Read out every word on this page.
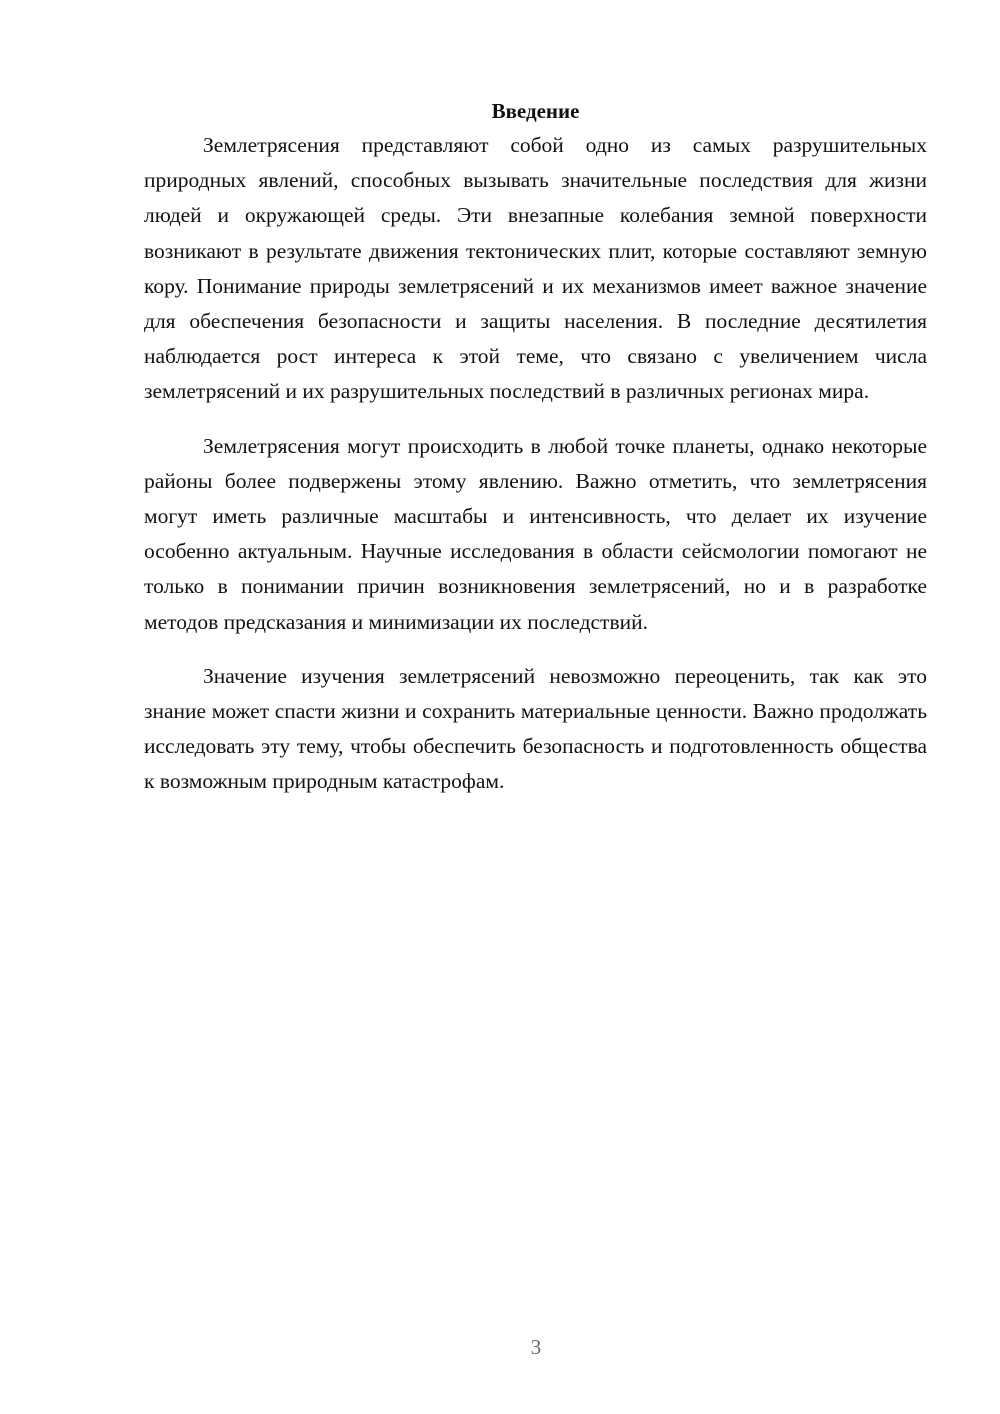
Введение

Землетрясения представляют собой одно из самых разрушительных природных явлений, способных вызывать значительные последствия для жизни людей и окружающей среды. Эти внезапные колебания земной поверхности возникают в результате движения тектонических плит, которые составляют земную кору. Понимание природы землетрясений и их механизмов имеет важное значение для обеспечения безопасности и защиты населения. В последние десятилетия наблюдается рост интереса к этой теме, что связано с увеличением числа землетрясений и их разрушительных последствий в различных регионах мира.

Землетрясения могут происходить в любой точке планеты, однако некоторые районы более подвержены этому явлению. Важно отметить, что землетрясения могут иметь различные масштабы и интенсивность, что делает их изучение особенно актуальным. Научные исследования в области сейсмологии помогают не только в понимании причин возникновения землетрясений, но и в разработке методов предсказания и минимизации их последствий.

Значение изучения землетрясений невозможно переоценить, так как это знание может спасти жизни и сохранить материальные ценности. Важно продолжать исследовать эту тему, чтобы обеспечить безопасность и подготовленность общества к возможным природным катастрофам.

3
